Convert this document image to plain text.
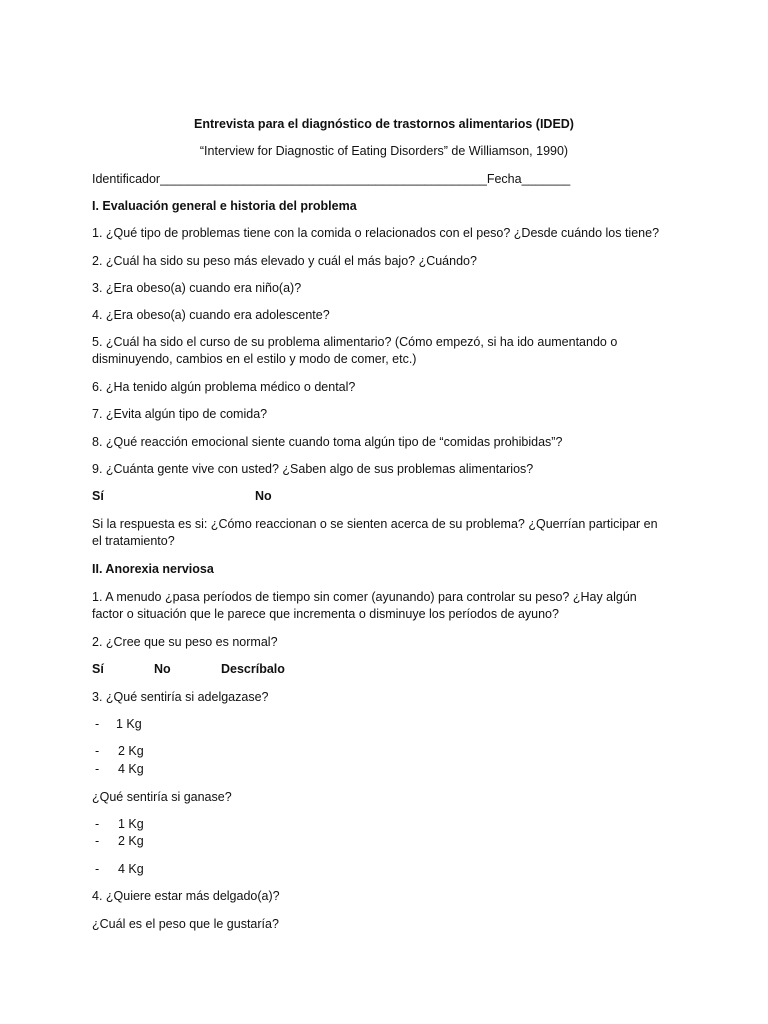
Entrevista para el diagnóstico de trastornos alimentarios (IDED)
“Interview for Diagnostic of Eating Disorders” de Williamson, 1990)
Identificador_______________________________________________Fecha_______
I. Evaluación general e historia del problema
1. ¿Qué tipo de problemas tiene con la comida o relacionados con el peso? ¿Desde cuándo los tiene?
2. ¿Cuál ha sido su peso más elevado y cuál el más bajo? ¿Cuándo?
3. ¿Era obeso(a) cuando era niño(a)?
4. ¿Era obeso(a) cuando era adolescente?
5. ¿Cuál ha sido el curso de su problema alimentario? (Cómo empezó, si ha ido aumentando o
disminuyendo, cambios en el estilo y modo de comer, etc.)
6. ¿Ha tenido algún problema médico o dental?
7. ¿Evita algún tipo de comida?
8. ¿Qué reacción emocional siente cuando toma algún tipo de “comidas prohibidas”?
9. ¿Cuánta gente vive con usted? ¿Saben algo de sus problemas alimentarios?
Sí	No
Si la respuesta es si: ¿Cómo reaccionan o se sienten acerca de su problema? ¿Querrían participar en
el tratamiento?
II. Anorexia nerviosa
1. A menudo ¿pasa períodos de tiempo sin comer (ayunando) para controlar su peso? ¿Hay algún
factor o situación que le parece que incrementa o disminuye los períodos de ayuno?
2. ¿Cree que su peso es normal?
Sí	No	Descríbalo
3. ¿Qué sentiría si adelgazase?
- 1 Kg
- 2 Kg
- 4 Kg
¿Qué sentiría si ganase?
- 1 Kg
- 2 Kg
- 4 Kg
4. ¿Quiere estar más delgado(a)?
¿Cuál es el peso que le gustaría?
